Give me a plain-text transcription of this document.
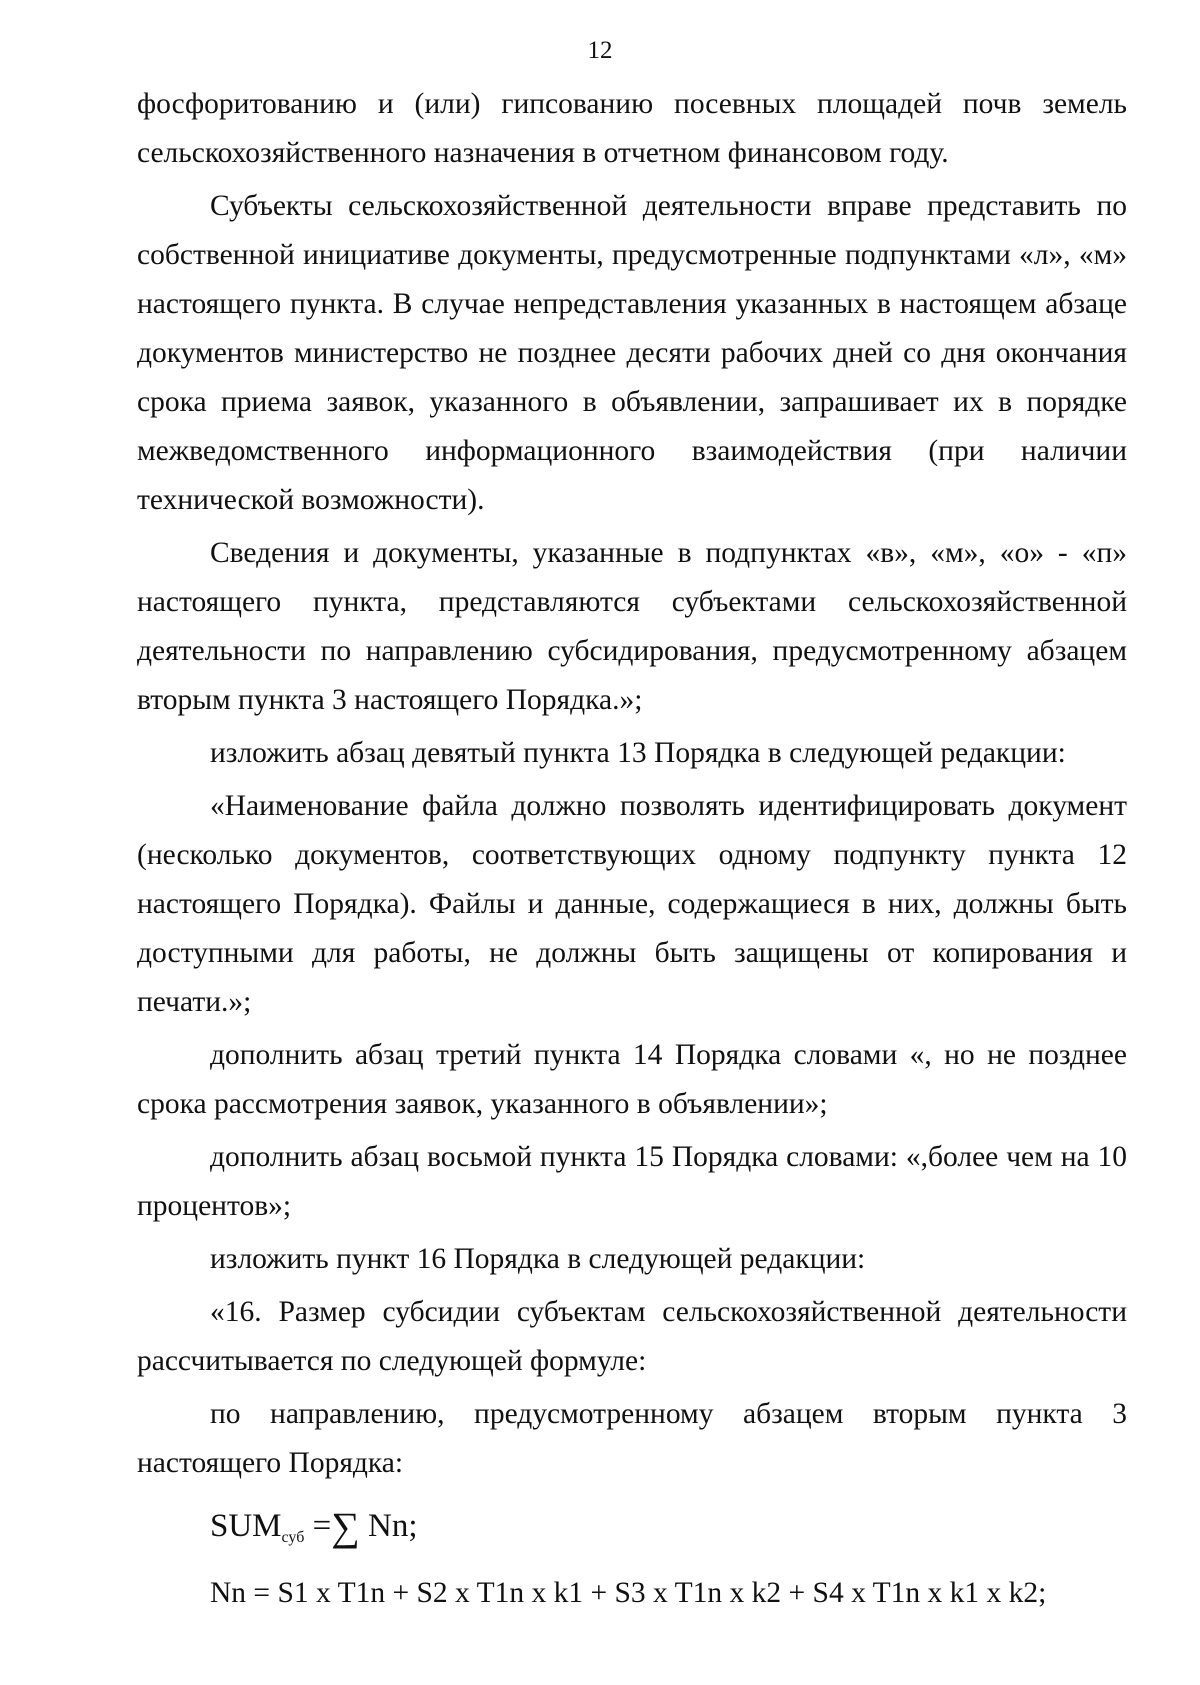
12

фосфоритованию и (или) гипсованию посевных площадей почв земель сельскохозяйственного назначения в отчетном финансовом году.

Субъекты сельскохозяйственной деятельности вправе представить по собственной инициативе документы, предусмотренные подпунктами «л», «м» настоящего пункта. В случае непредставления указанных в настоящем абзаце документов министерство не позднее десяти рабочих дней со дня окончания срока приема заявок, указанного в объявлении, запрашивает их в порядке межведомственного информационного взаимодействия (при наличии технической возможности).

Сведения и документы, указанные в подпунктах «в», «м», «о» - «п» настоящего пункта, представляются субъектами сельскохозяйственной деятельности по направлению субсидирования, предусмотренному абзацем вторым пункта 3 настоящего Порядка.»;

изложить абзац девятый пункта 13 Порядка в следующей редакции:

«Наименование файла должно позволять идентифицировать документ (несколько документов, соответствующих одному подпункту пункта 12 настоящего Порядка). Файлы и данные, содержащиеся в них, должны быть доступными для работы, не должны быть защищены от копирования и печати.»;

дополнить абзац третий пункта 14 Порядка словами «, но не позднее срока рассмотрения заявок, указанного в объявлении»;

дополнить абзац восьмой пункта 15 Порядка словами: «,более чем на 10 процентов»;

изложить пункт 16 Порядка в следующей редакции:

«16. Размер субсидии субъектам сельскохозяйственной деятельности рассчитывается по следующей формуле:

по направлению, предусмотренному абзацем вторым пункта 3 настоящего Порядка:

$SUM_{суб}$ =∑ Nn;
Nn = S1 x T1n + S2 x T1n x k1 + S3 x T1n x k2 + S4 x T1n x k1 x k2;
